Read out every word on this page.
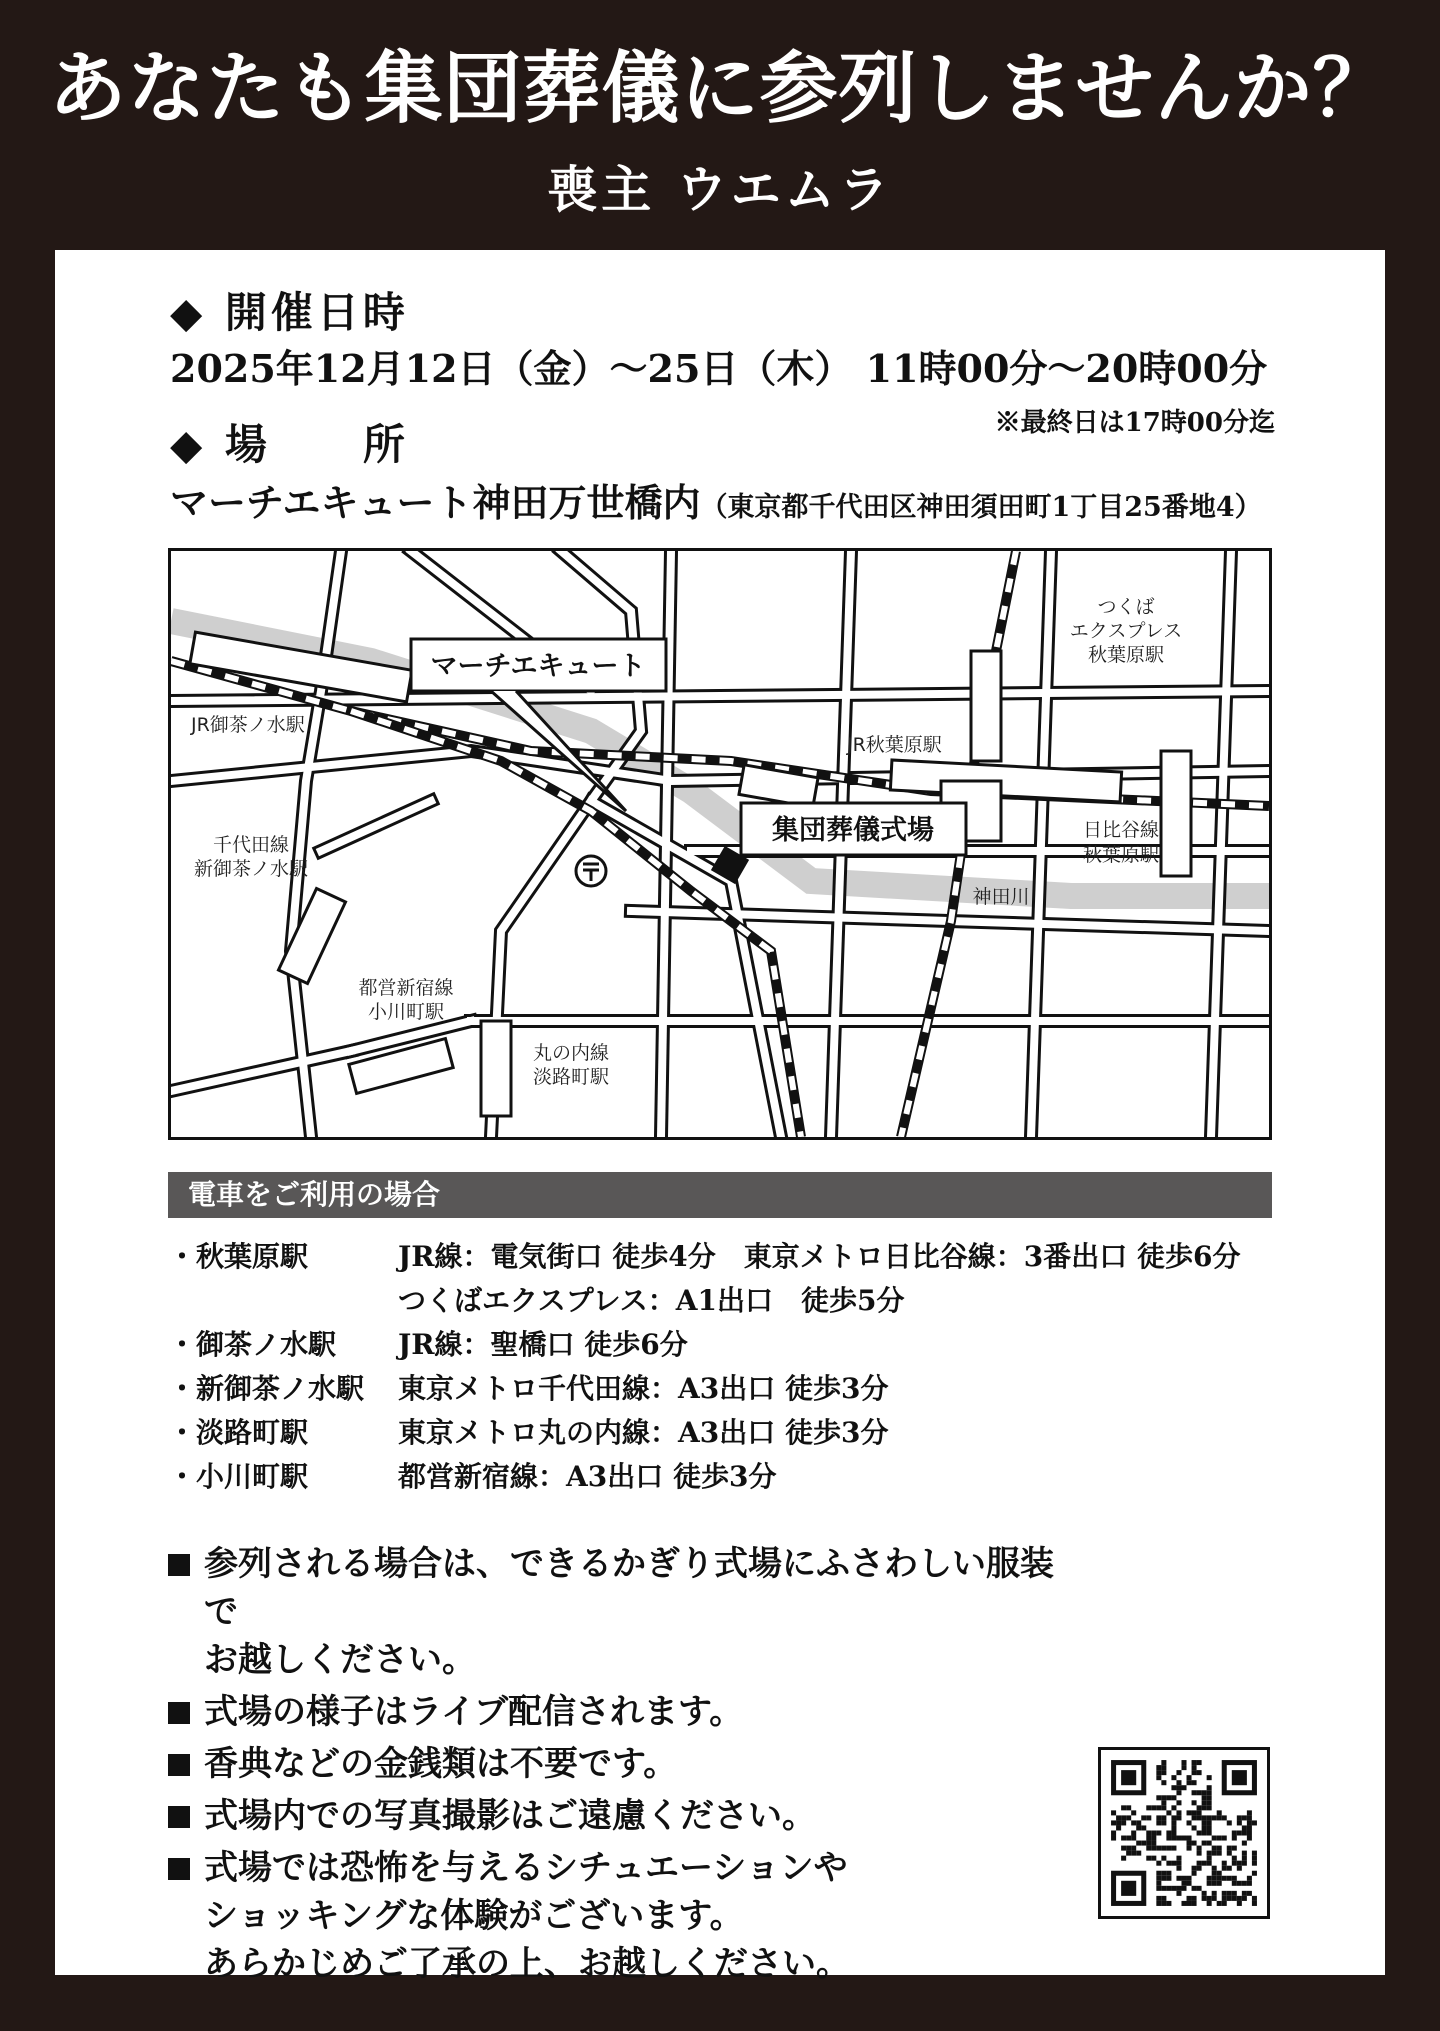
あなたも集団葬儀に参列しませんか？
喪主 ウエムラ
◆ 開催日時
2025年12月12日（金）〜25日（木） 11時00分〜20時00分
※最終日は17時00分迄
◆ 場　　所
マーチエキュート神田万世橋内（東京都千代田区神田須田町1丁目25番地4）
マーチエキュート
集団葬儀式場
JR御茶ノ水駅
JR秋葉原駅
つくば
エクスプレス
秋葉原駅
千代田線
新御茶ノ水駅
日比谷線
秋葉原駅
神田川
都営新宿線
小川町駅
丸の内線
淡路町駅
電車をご利用の場合
・秋葉原駅	JR線：電気街口 徒歩4分　東京メトロ日比谷線：3番出口 徒歩6分
つくばエクスプレス：A1出口　徒歩5分
・御茶ノ水駅	JR線：聖橋口 徒歩6分
・新御茶ノ水駅	東京メトロ千代田線：A3出口 徒歩3分
・淡路町駅	東京メトロ丸の内線：A3出口 徒歩3分
・小川町駅	都営新宿線：A3出口 徒歩3分
参列される場合は、できるかぎり式場にふさわしい服装で
お越しください。
式場の様子はライブ配信されます。
香典などの金銭類は不要です。
式場内での写真撮影はご遠慮ください。
式場では恐怖を与えるシチュエーションや
ショッキングな体験がございます。
あらかじめご了承の上、お越しください。
